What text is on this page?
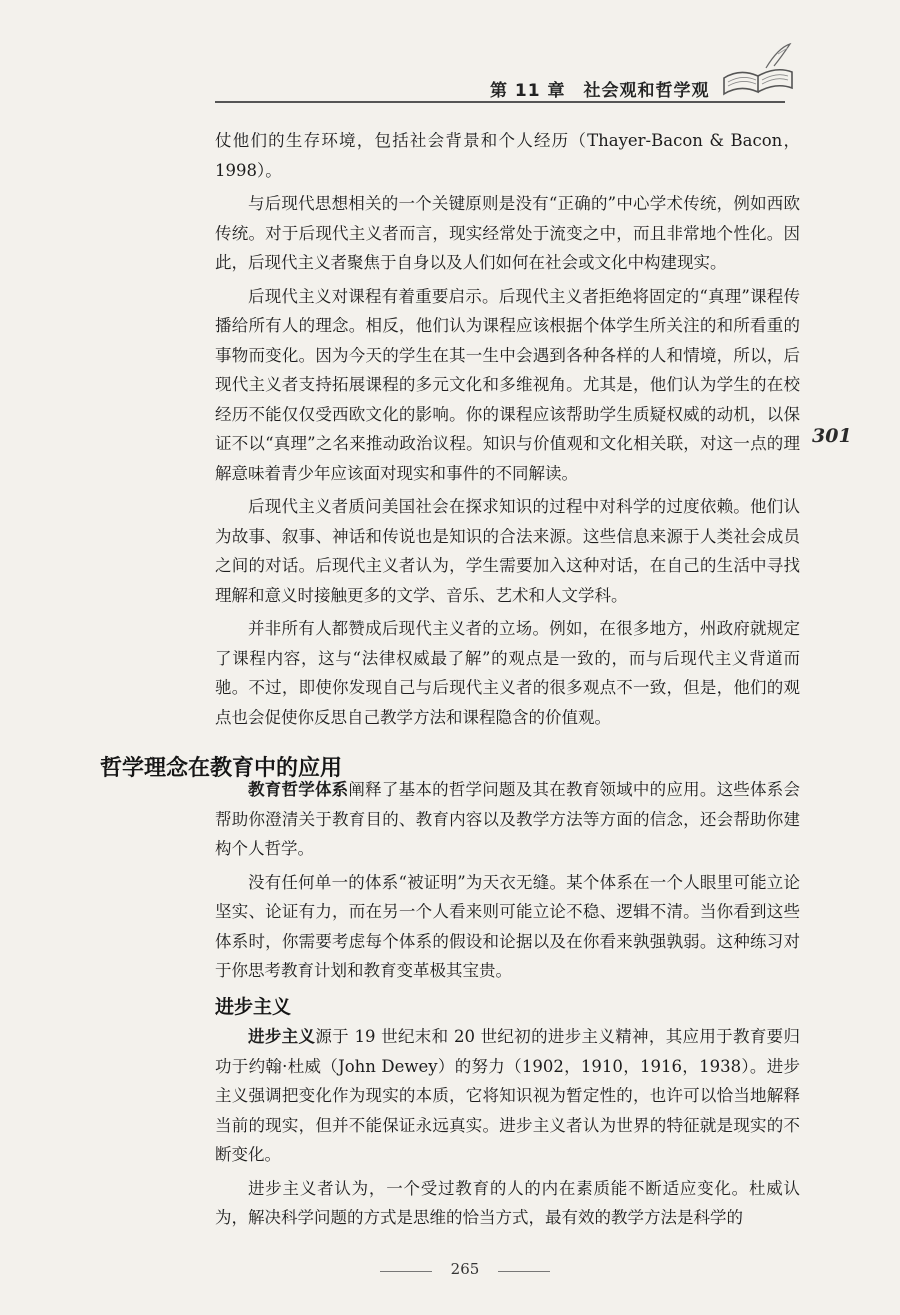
第 11 章 社会观和哲学观
301

仗他们的生存环境，包括社会背景和个人经历（Thayer-Bacon & Bacon，1998）。

与后现代思想相关的一个关键原则是没有“正确的”中心学术传统，例如西欧传统。对于后现代主义者而言，现实经常处于流变之中，而且非常地个性化。因此，后现代主义者聚焦于自身以及人们如何在社会或文化中构建现实。

后现代主义对课程有着重要启示。后现代主义者拒绝将固定的“真理”课程传播给所有人的理念。相反，他们认为课程应该根据个体学生所关注的和所看重的事物而变化。因为今天的学生在其一生中会遇到各种各样的人和情境，所以，后现代主义者支持拓展课程的多元文化和多维视角。尤其是，他们认为学生的在校经历不能仅仅受西欧文化的影响。你的课程应该帮助学生质疑权威的动机，以保证不以“真理”之名来推动政治议程。知识与价值观和文化相关联，对这一点的理解意味着青少年应该面对现实和事件的不同解读。

后现代主义者质问美国社会在探求知识的过程中对科学的过度依赖。他们认为故事、叙事、神话和传说也是知识的合法来源。这些信息来源于人类社会成员之间的对话。后现代主义者认为，学生需要加入这种对话，在自己的生活中寻找理解和意义时接触更多的文学、音乐、艺术和人文学科。

并非所有人都赞成后现代主义者的立场。例如，在很多地方，州政府就规定了课程内容，这与“法律权威最了解”的观点是一致的，而与后现代主义背道而驰。不过，即使你发现自己与后现代主义者的很多观点不一致，但是，他们的观点也会促使你反思自己教学方法和课程隐含的价值观。

哲学理念在教育中的应用

教育哲学体系阐释了基本的哲学问题及其在教育领域中的应用。这些体系会帮助你澄清关于教育目的、教育内容以及教学方法等方面的信念，还会帮助你建构个人哲学。

没有任何单一的体系“被证明”为天衣无缝。某个体系在一个人眼里可能立论坚实、论证有力，而在另一个人看来则可能立论不稳、逻辑不清。当你看到这些体系时，你需要考虑每个体系的假设和论据以及在你看来孰强孰弱。这种练习对于你思考教育计划和教育变革极其宝贵。

进步主义

进步主义源于 19 世纪末和 20 世纪初的进步主义精神，其应用于教育要归功于约翰·杜威（John Dewey）的努力（1902，1910，1916，1938）。进步主义强调把变化作为现实的本质，它将知识视为暂定性的，也许可以恰当地解释当前的现实，但并不能保证永远真实。进步主义者认为世界的特征就是现实的不断变化。

进步主义者认为，一个受过教育的人的内在素质能不断适应变化。杜威认为，解决科学问题的方式是思维的恰当方式，最有效的教学方法是科学的

265
